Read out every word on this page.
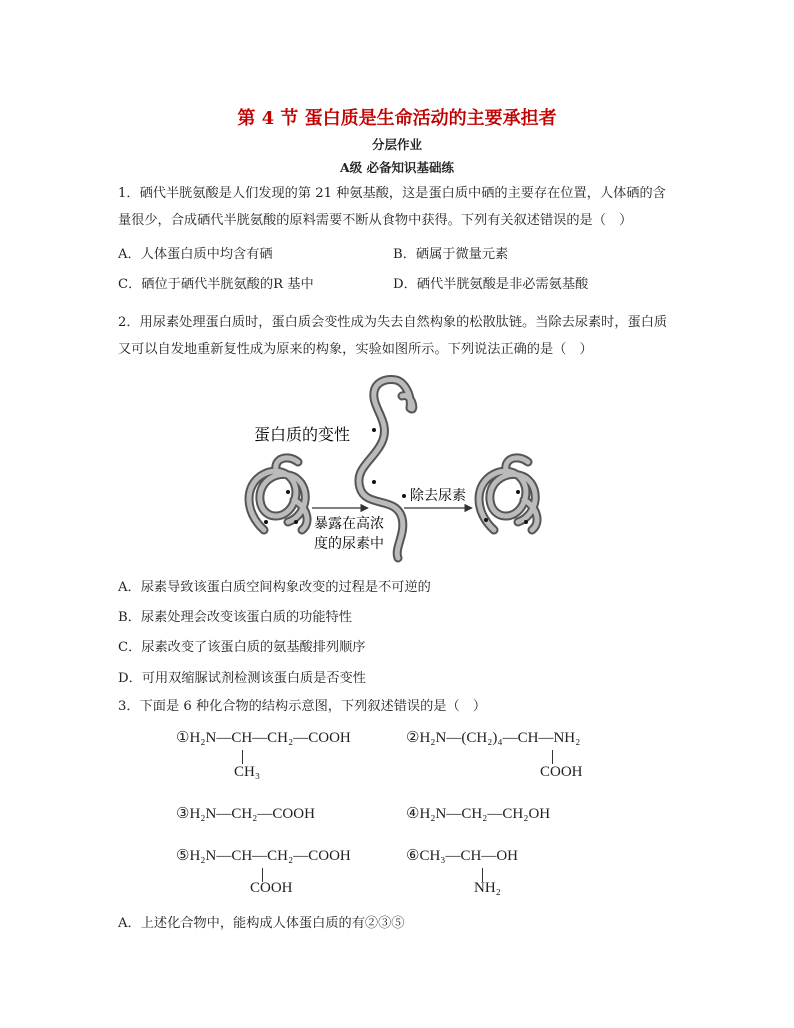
第 4 节 蛋白质是生命活动的主要承担者
分层作业
A级 必备知识基础练
1．硒代半胱氨酸是人们发现的第 21 种氨基酸，这是蛋白质中硒的主要存在位置，人体硒的含量很少，合成硒代半胱氨酸的原料需要不断从食物中获得。下列有关叙述错误的是（　）
A．人体蛋白质中均含有硒	B．硒属于微量元素
C．硒位于硒代半胱氨酸的R 基中	D．硒代半胱氨酸是非必需氨基酸
2．用尿素处理蛋白质时，蛋白质会变性成为失去自然构象的松散肽链。当除去尿素时，蛋白质又可以自发地重新复性成为原来的构象，实验如图所示。下列说法正确的是（　）
蛋白质的变性
除去尿素
暴露在高浓
度的尿素中
A．尿素导致该蛋白质空间构象改变的过程是不可逆的
B．尿素处理会改变该蛋白质的功能特性
C．尿素改变了该蛋白质的氨基酸排列顺序
D．可用双缩脲试剂检测该蛋白质是否变性
3．下面是 6 种化合物的结构示意图，下列叙述错误的是（　）
①H₂N—CH—CH₂—COOH
CH₃
②H₂N—(CH₂)₄—CH—NH₂
COOH
③H₂N—CH₂—COOH	④H₂N—CH₂—CH₂OH
⑤H₂N—CH—CH₂—COOH
COOH
⑥CH₃—CH—OH
NH₂
A．上述化合物中，能构成人体蛋白质的有②③⑤
